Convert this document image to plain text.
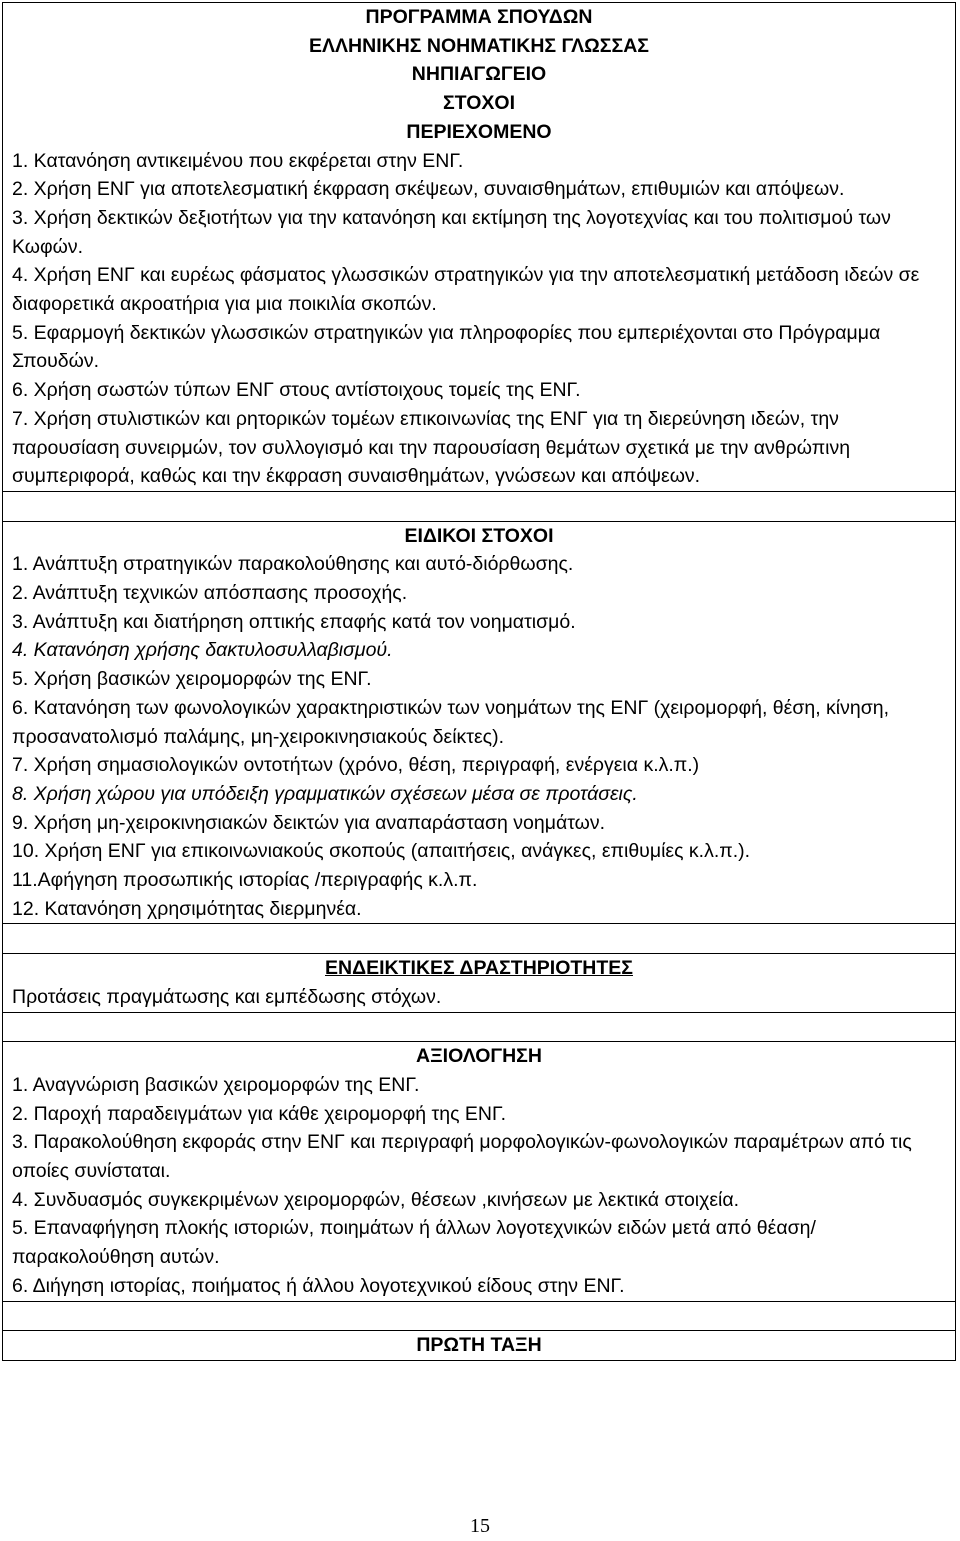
ΠΡΟΓΡΑΜΜΑ ΣΠΟΥΔΩΝ
ΕΛΛΗΝΙΚΗΣ ΝΟΗΜΑΤΙΚΗΣ ΓΛΩΣΣΑΣ
ΝΗΠΙΑΓΩΓΕΙΟ
ΣΤΟΧΟΙ
ΠΕΡΙΕΧΟΜΕΝΟ
1. Κατανόηση αντικειμένου που εκφέρεται στην ΕΝΓ.
2. Χρήση ΕΝΓ για αποτελεσματική έκφραση σκέψεων, συναισθημάτων, επιθυμιών και απόψεων.
3. Χρήση δεκτικών δεξιοτήτων για την κατανόηση και εκτίμηση της λογοτεχνίας και του πολιτισμού των Κωφών.
4. Χρήση ΕΝΓ και ευρέως φάσματος γλωσσικών στρατηγικών για την αποτελεσματική μετάδοση ιδεών σε διαφορετικά ακροατήρια για μια ποικιλία σκοπών.
5. Εφαρμογή δεκτικών γλωσσικών στρατηγικών για πληροφορίες που εμπεριέχονται στο Πρόγραμμα Σπουδών.
6. Χρήση σωστών τύπων ΕΝΓ στους αντίστοιχους τομείς της ΕΝΓ.
7. Χρήση στυλιστικών και ρητορικών τομέων επικοινωνίας της ΕΝΓ για τη διερεύνηση ιδεών, την παρουσίαση συνειρμών, τον συλλογισμό και την παρουσίαση θεμάτων σχετικά με την ανθρώπινη συμπεριφορά, καθώς και την έκφραση συναισθημάτων, γνώσεων και απόψεων.

ΕΙΔΙΚΟΙ ΣΤΟΧΟΙ
1. Ανάπτυξη στρατηγικών παρακολούθησης και αυτό-διόρθωσης.
2. Ανάπτυξη τεχνικών απόσπασης προσοχής.
3. Ανάπτυξη και διατήρηση οπτικής επαφής κατά τον νοηματισμό.
4. Κατανόηση χρήσης δακτυλοσυλλαβισμού.
5. Χρήση βασικών χειρομορφών της ΕΝΓ.
6. Κατανόηση των φωνολογικών χαρακτηριστικών των νοημάτων της ΕΝΓ (χειρομορφή, θέση, κίνηση, προσανατολισμό παλάμης, μη-χειροκινησιακούς δείκτες).
7. Χρήση σημασιολογικών οντοτήτων (χρόνο, θέση, περιγραφή, ενέργεια κ.λ.π.)
8. Χρήση χώρου για υπόδειξη γραμματικών σχέσεων μέσα σε προτάσεις.
9. Χρήση μη-χειροκινησιακών δεικτών για αναπαράσταση νοημάτων.
10. Χρήση ΕΝΓ για επικοινωνιακούς σκοπούς (απαιτήσεις, ανάγκες, επιθυμίες κ.λ.π.).
11.Αφήγηση προσωπικής ιστορίας /περιγραφής κ.λ.π.
12. Κατανόηση χρησιμότητας διερμηνέα.

ΕΝΔΕΙΚΤΙΚΕΣ ΔΡΑΣΤΗΡΙΟΤΗΤΕΣ
Προτάσεις πραγμάτωσης και εμπέδωσης στόχων.

ΑΞΙΟΛΟΓΗΣΗ
1. Αναγνώριση βασικών χειρομορφών της ΕΝΓ.
2. Παροχή παραδειγμάτων για κάθε χειρομορφή της ΕΝΓ.
3. Παρακολούθηση εκφοράς στην ΕΝΓ και περιγραφή μορφολογικών-φωνολογικών παραμέτρων από τις οποίες συνίσταται.
4. Συνδυασμός συγκεκριμένων χειρομορφών, θέσεων ,κινήσεων με λεκτικά στοιχεία.
5. Επαναφήγηση πλοκής ιστοριών, ποιημάτων ή άλλων λογοτεχνικών ειδών μετά από θέαση/ παρακολούθηση αυτών.
6. Διήγηση ιστορίας, ποιήματος ή άλλου λογοτεχνικού είδους στην ΕΝΓ.

ΠΡΩΤΗ ΤΑΞΗ
15
